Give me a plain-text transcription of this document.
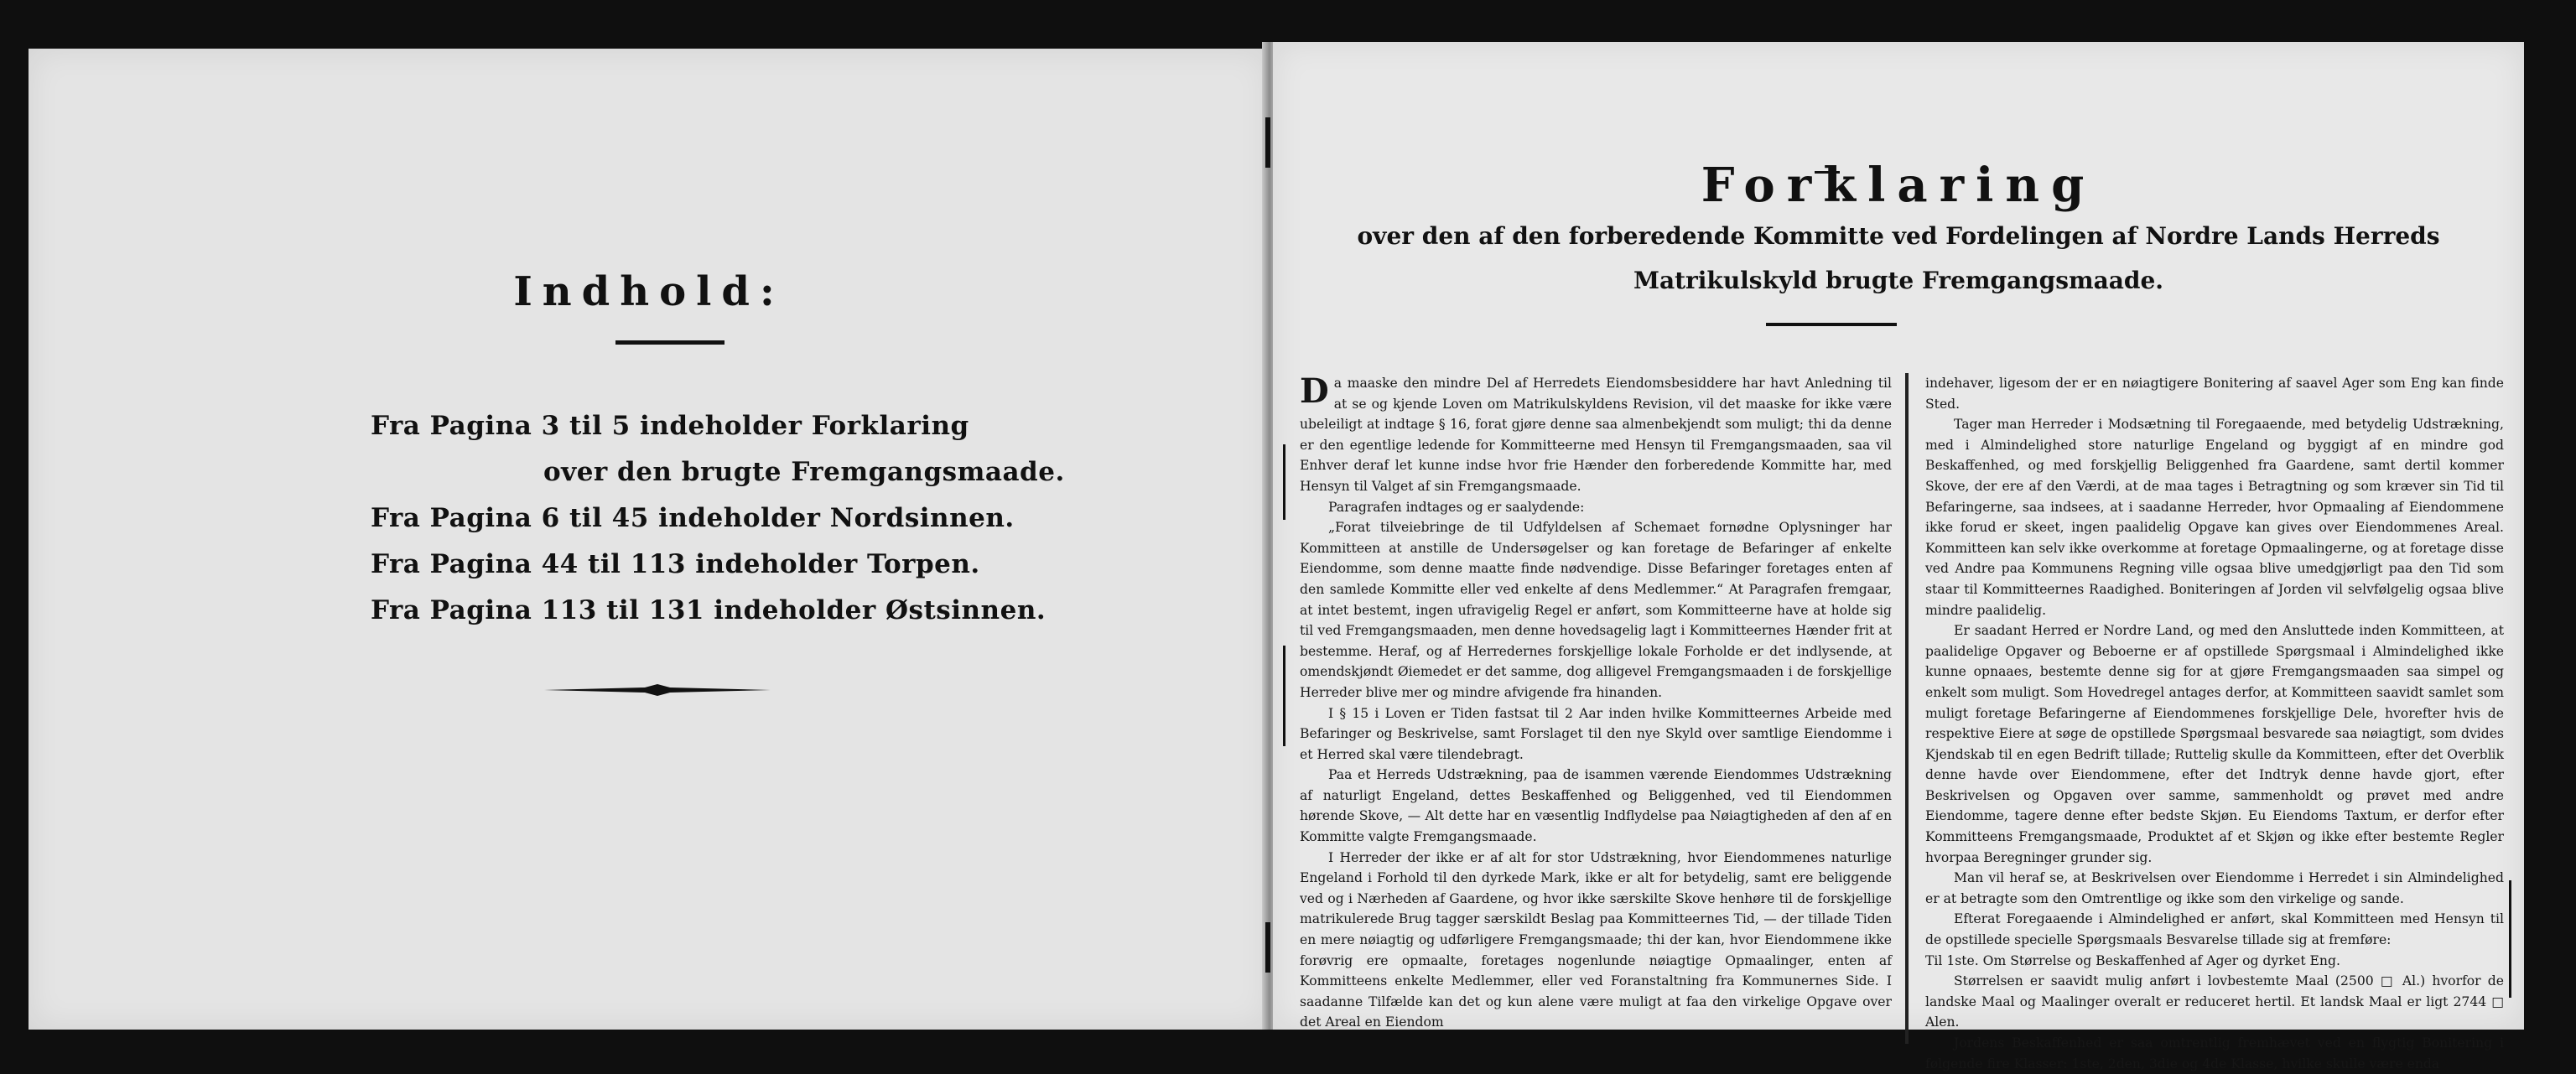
Indhold:
Fra Pagina 3 til 5 indeholder Forklaring
over den brugte Fremgangsmaade.
Fra Pagina 6 til 45 indeholder Nordsinnen.
Fra Pagina 44 til 113 indeholder Torpen.
Fra Pagina 113 til 131 indeholder Østsinnen.
Forklaring
over den af den forberedende Kommitte ved Fordelingen af Nordre Lands Herreds
Matrikulskyld brugte Fremgangsmaade.

Da maaske den mindre Del af Herredets Eiendomsbesiddere har havt Anledning til at se og kjende Loven om Matrikulskyldens Revision, vil det maaske for ikke være ubeleiligt at indtage § 16, forat gjøre denne saa almenbekjendt som muligt; thi da denne er den egentlige ledende for Kommitteerne med Hensyn til Fremgangsmaaden, saa vil Enhver deraf let kunne indse hvor frie Hænder den forberedende Kommitte har, med Hensyn til Valget af sin Fremgangsmaade.

Paragrafen indtages og er saalydende:

„Forat tilveiebringe de til Udfyldelsen af Schemaet fornødne Oplysninger har Kommitteen at anstille de Undersøgelser og kan foretage de Befaringer af enkelte Eiendomme, som denne maatte finde nødvendige. Disse Befaringer foretages enten af den samlede Kommitte eller ved enkelte af dens Medlemmer.“ At Paragrafen fremgaar, at intet bestemt, ingen ufravigelig Regel er anført, som Kommitteerne have at holde sig til ved Fremgangsmaaden, men denne hovedsagelig lagt i Kommitteernes Hænder frit at bestemme. Heraf, og af Herredernes forskjellige lokale Forholde er det indlysende, at omendskjøndt Øiemedet er det samme, dog alligevel Fremgangsmaaden i de forskjellige Herreder blive mer og mindre afvigende fra hinanden.

I § 15 i Loven er Tiden fastsat til 2 Aar inden hvilke Kommitteernes Arbeide med Befaringer og Beskrivelse, samt Forslaget til den nye Skyld over samtlige Eiendomme i et Herred skal være tilendebragt.

Paa et Herreds Udstrækning, paa de isammen værende Eiendommes Udstrækning af naturligt Engeland, dettes Beskaffenhed og Beliggenhed, ved til Eiendommen hørende Skove, — Alt dette har en væsentlig Indflydelse paa Nøiagtigheden af den af en Kommitte valgte Fremgangsmaade.

I Herreder der ikke er af alt for stor Udstrækning, hvor Eiendommenes naturlige Engeland i Forhold til den dyrkede Mark, ikke er alt for betydelig, samt ere beliggende ved og i Nærheden af Gaardene, og hvor ikke særskilte Skove henhøre til de forskjellige matrikulerede Brug tagger særskildt Beslag paa Kommitteernes Tid, — der tillade Tiden en mere nøiagtig og udførligere Fremgangsmaade; thi der kan, hvor Eiendommene ikke forøvrig ere opmaalte, foretages nogenlunde nøiagtige Opmaalinger, enten af Kommitteens enkelte Medlemmer, eller ved Foranstaltning fra Kommunernes Side. I saadanne Tilfælde kan det og kun alene være muligt at faa den virkelige Opgave over det Areal en Eiendom

indehaver, ligesom der er en nøiagtigere Bonitering af saavel Ager som Eng kan finde Sted.

Tager man Herreder i Modsætning til Foregaaende, med betydelig Udstrækning, med i Almindelighed store naturlige Engeland og byggigt af en mindre god Beskaffenhed, og med forskjellig Beliggenhed fra Gaardene, samt dertil kommer Skove, der ere af den Værdi, at de maa tages i Betragtning og som kræver sin Tid til Befaringerne, saa indsees, at i saadanne Herreder, hvor Opmaaling af Eiendommene ikke forud er skeet, ingen paalidelig Opgave kan gives over Eiendommenes Areal. Kommitteen kan selv ikke overkomme at foretage Opmaalingerne, og at foretage disse ved Andre paa Kommunens Regning ville ogsaa blive umedgjørligt paa den Tid som staar til Kommitteernes Raadighed. Boniteringen af Jorden vil selvfølgelig ogsaa blive mindre paalidelig.

Er saadant Herred er Nordre Land, og med den Ansluttede inden Kommitteen, at paalidelige Opgaver og Beboerne er af opstillede Spørgsmaal i Almindelighed ikke kunne opnaaes, bestemte denne sig for at gjøre Fremgangsmaaden saa simpel og enkelt som muligt. Som Hovedregel antages derfor, at Kommitteen saavidt samlet som muligt foretage Befaringerne af Eiendommenes forskjellige Dele, hvorefter hvis de respektive Eiere at søge de opstillede Spørgsmaal besvarede saa nøiagtigt, som dvides Kjendskab til en egen Bedrift tillade; Ruttelig skulle da Kommitteen, efter det Overblik denne havde over Eiendommene, efter det Indtryk denne havde gjort, efter Beskrivelsen og Opgaven over samme, sammenholdt og prøvet med andre Eiendomme, tagere denne efter bedste Skjøn. Eu Eiendoms Taxtum, er derfor efter Kommitteens Fremgangsmaade, Produktet af et Skjøn og ikke efter bestemte Regler hvorpaa Beregninger grunder sig.

Man vil heraf se, at Beskrivelsen over Eiendomme i Herredet i sin Almindelighed er at betragte som den Omtrentlige og ikke som den virkelige og sande.

Efterat Foregaaende i Almindelighed er anført, skal Kommitteen med Hensyn til de opstillede specielle Spørgsmaals Besvarelse tillade sig at fremføre:

Til 1ste. Om Størrelse og Beskaffenhed af Ager og dyrket Eng.

Størrelsen er saavidt mulig anført i lovbestemte Maal (2500 □ Al.) hvorfor de landske Maal og Maalinger overalt er reduceret hertil. Et landsk Maal er ligt 2744 □ Alen.

Jordens Beskaffenhed er saa omtrentlig fremhævet ved en flygtig Bonitering i følgende fire Klasser: 1ste, 2den, 3die og 4de Klasse, hvilke skulle være enda
